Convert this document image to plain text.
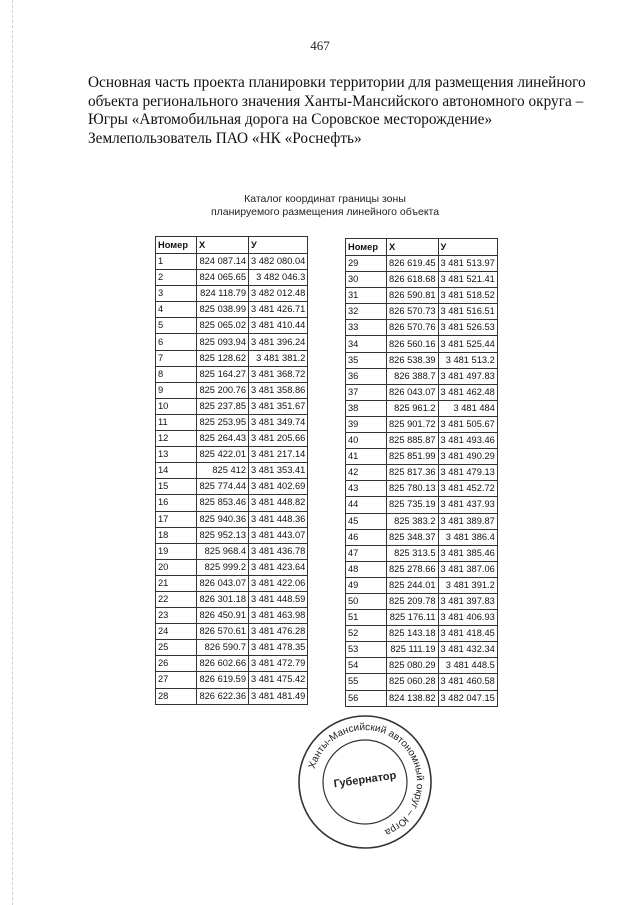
467
Основная часть проекта планировки территории для размещения линейного
объекта регионального значения Ханты-Мансийского автономного округа –
Югры «Автомобильная дорога на Соровское месторождение»
Землепользователь ПАО «НК «Роснефть»
Каталог координат границы зоны
планируемого размещения линейного объекта
Номер	X	У
1	824 087.14	3 482 080.04
2	824 065.65	3 482 046.3
3	824 118.79	3 482 012.48
4	825 038.99	3 481 426.71
5	825 065.02	3 481 410.44
6	825 093.94	3 481 396.24
7	825 128.62	3 481 381.2
8	825 164.27	3 481 368.72
9	825 200.76	3 481 358.86
10	825 237.85	3 481 351.67
11	825 253.95	3 481 349.74
12	825 264.43	3 481 205.66
13	825 422.01	3 481 217.14
14	825 412	3 481 353.41
15	825 774.44	3 481 402.69
16	825 853.46	3 481 448.82
17	825 940.36	3 481 448.36
18	825 952.13	3 481 443.07
19	825 968.4	3 481 436.78
20	825 999.2	3 481 423.64
21	826 043.07	3 481 422.06
22	826 301.18	3 481 448.59
23	826 450.91	3 481 463.98
24	826 570.61	3 481 476.28
25	826 590.7	3 481 478.35
26	826 602.66	3 481 472.79
27	826 619.59	3 481 475.42
28	826 622.36	3 481 481.49
Номер	X	У
29	826 619.45	3 481 513.97
30	826 618.68	3 481 521.41
31	826 590.81	3 481 518.52
32	826 570.73	3 481 516.51
33	826 570.76	3 481 526.53
34	826 560.16	3 481 525.44
35	826 538.39	3 481 513.2
36	826 388.7	3 481 497.83
37	826 043.07	3 481 462.48
38	825 961.2	3 481 484
39	825 901.72	3 481 505.67
40	825 885.87	3 481 493.46
41	825 851.99	3 481 490.29
42	825 817.36	3 481 479.13
43	825 780.13	3 481 452.72
44	825 735.19	3 481 437.93
45	825 383.2	3 481 389.87
46	825 348.37	3 481 386.4
47	825 313.5	3 481 385.46
48	825 278.66	3 481 387.06
49	825 244.01	3 481 391.2
50	825 209.78	3 481 397.83
51	825 176.11	3 481 406.93
52	825 143.18	3 481 418.45
53	825 111.19	3 481 432.34
54	825 080.29	3 481 448.5
55	825 060.28	3 481 460.58
56	824 138.82	3 482 047.15
Ханты-Мансийский автономный округ – Югра
Губернатор
